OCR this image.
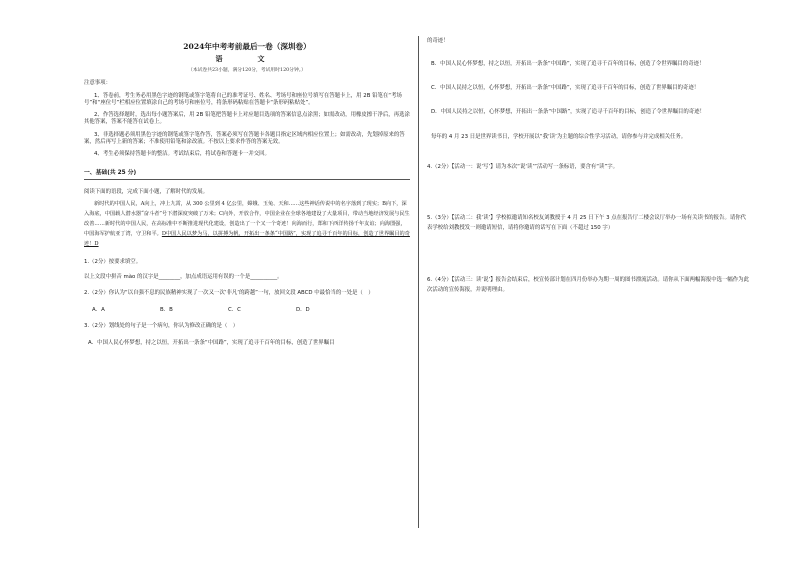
2024年中考考前最后一卷（深圳卷）
语　文
（本试卷共23小题，满分120分，考试用时120分钟。）
注意事项：
1、答卷前，考生务必用黑色字迹的钢笔或签字笔将自己的准考证号、姓名、考场号和座位号填写在答题卡上，用 2B 铅笔在“考场号”和“座位号”栏相应位置填涂自己的考场号和座位号，将条形码粘贴在答题卡“条形码粘贴处”。
2、作答选择题时，选出每小题答案后，用 2B 铅笔把答题卡上对应题目选项的答案信息点涂黑；如需改动，用橡皮擦干净后，再选涂其他答案，答案不能答在试卷上。
3、非选择题必须用黑色字迹的钢笔或签字笔作答，答案必须写在答题卡各题目指定区域内相应位置上；如需改动，先划掉原来的答案，然后再写上新的答案；不准使用铅笔和涂改液。不按以上要求作答的答案无效。
4、考生必须保持答题卡的整洁。考试结束后，将试卷和答题卡一并交回。
一、基础(共 25 分)
阅读下面的语段，完成下面小题，了解时代的发展。
新时代的中国人民，A向上，冲上九霄，从 300 公里到 4 亿公里，嫦娥、玉兔、天和……这些神话传说中的名字落到了现实；B向下，深入海底，中国载人潜水器“奋斗者”号下潜深度突破了万米；C向外，开放合作，中国企业在全球各地建设了大量项目，带动当地经济发展与民生改善……新时代的中国人民，在高标准中不断推进现代化建设，创造出了一个又一个奇迹！向海而行，郑和下西洋传扬千年友谊；向海图强，中国海军护航亚丁湾，守卫和平。D中国人民以梦为马，以拼搏为帆，开拓出一条条“中国路”，实现了追寻千百年的目标，创造了世界瞩目的奇迹！D
1.（2分）按要求填空。
以上文段中拼音 mào 的汉字是________，加点成语运用有误的一个是__________。
2.（2分）你认为“以自强不息的民族精神实现了一次又一次‘非凡’的跨越”一句，放回文段 ABCD 中最恰当的一处是（　）
A．A	B．B	C．C	D．D
3.（2分）划线处的句子是一个病句，你认为修改正确的是（　）
A．中国人民心怀梦想，持之以恒，开拓出一条条“中国路”，实现了追寻千百年的目标，创造了世界瞩目
的奇迹！
B．中国人民心怀梦想，持之以恒，开拓出一条条“中国路”，实现了追寻千百年的目标，创造了令世界瞩目的奇迹！
C．中国人民持之以恒，心怀梦想，开拓出一条条“中国路”，实现了追寻千百年的目标，创造了世界瞩目的奇迹！
D．中国人民持之以恒，心怀梦想，开拓出一条条“中国路”，实现了追寻千百年的目标，创造了令世界瞩目的奇迹！
每年的 4 月 23 日是世界读书日，学校开展以“我‘读’为主题的综合性学习活动，请你参与并完成相关任务。
4.（2分）【活动一：说‘写’】请为本次“说‘读’”活动写一条标语，要含有“读”字。
5.（3分）【活动二：我‘读’】学校拟邀请知名校友刘教授于 4 月 25 日下午 3 点在报告厅二楼会议厅举办一场有关读书的报告。请你代表学校给刘教授发一则邀请短信，请将你邀请的话写在下面（不超过 150 字）
6.（4分）【活动三：读‘说’】报告会结束后，校宣传部计划在四月份举办为期一周的图书漂流活动。请你从下面两幅海报中选一幅作为此次活动的宣传海报，并说明理由。
